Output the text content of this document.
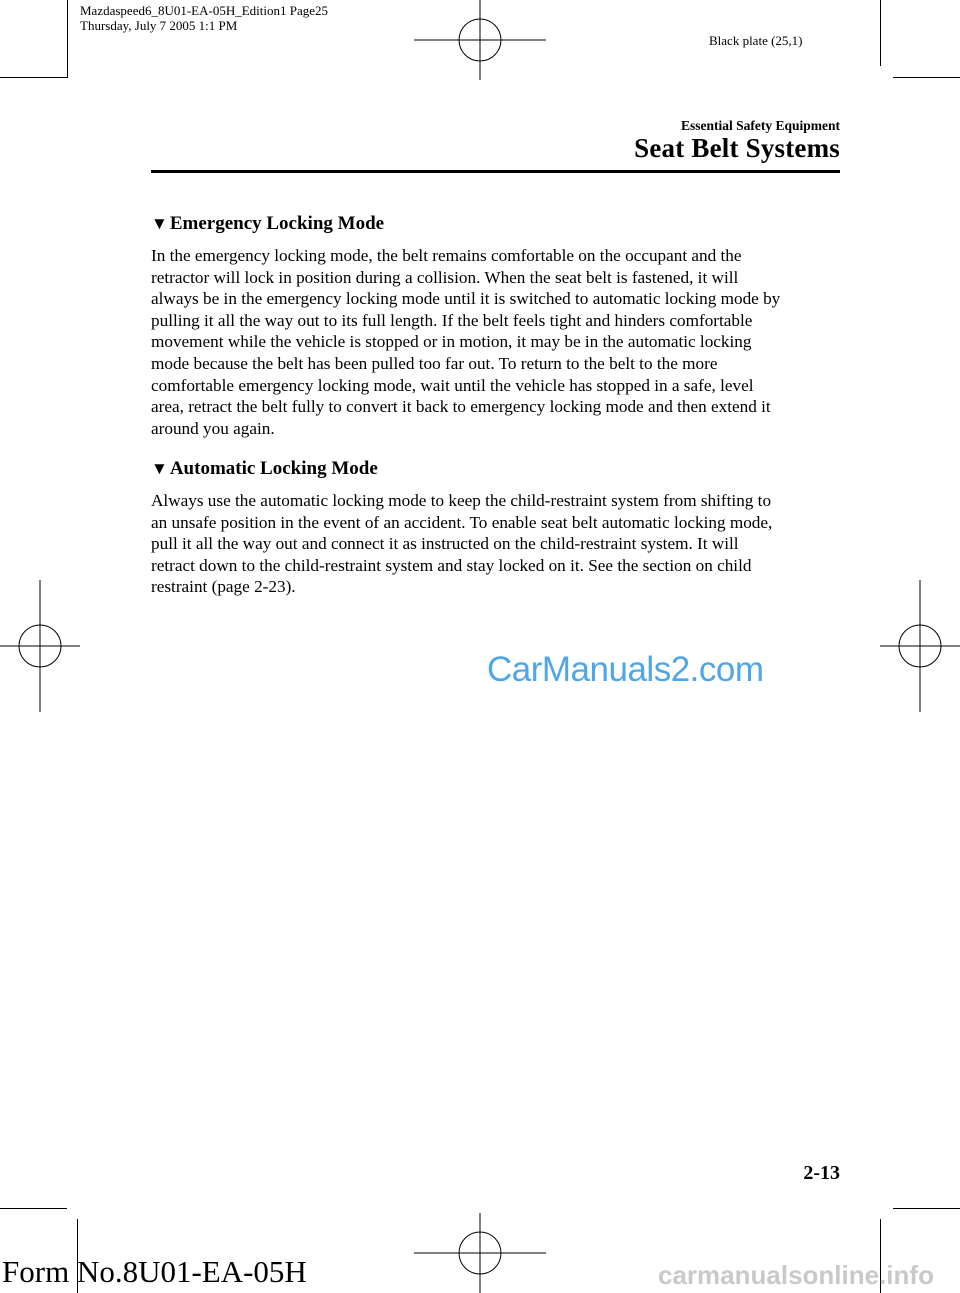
Mazdaspeed6_8U01-EA-05H_Edition1 Page25
Thursday, July 7 2005 1:1 PM
Black plate (25,1)
Essential Safety Equipment
Seat Belt Systems
▼ Emergency Locking Mode
In the emergency locking mode, the belt remains comfortable on the occupant and the
retractor will lock in position during a collision. When the seat belt is fastened, it will
always be in the emergency locking mode until it is switched to automatic locking mode by
pulling it all the way out to its full length. If the belt feels tight and hinders comfortable
movement while the vehicle is stopped or in motion, it may be in the automatic locking
mode because the belt has been pulled too far out. To return to the belt to the more
comfortable emergency locking mode, wait until the vehicle has stopped in a safe, level
area, retract the belt fully to convert it back to emergency locking mode and then extend it
around you again.
▼ Automatic Locking Mode
Always use the automatic locking mode to keep the child-restraint system from shifting to
an unsafe position in the event of an accident. To enable seat belt automatic locking mode,
pull it all the way out and connect it as instructed on the child-restraint system. It will
retract down to the child-restraint system and stay locked on it. See the section on child
restraint (page 2-23).
CarManuals2.com
2-13
Form No.8U01-EA-05H	carmanualsonline.info
